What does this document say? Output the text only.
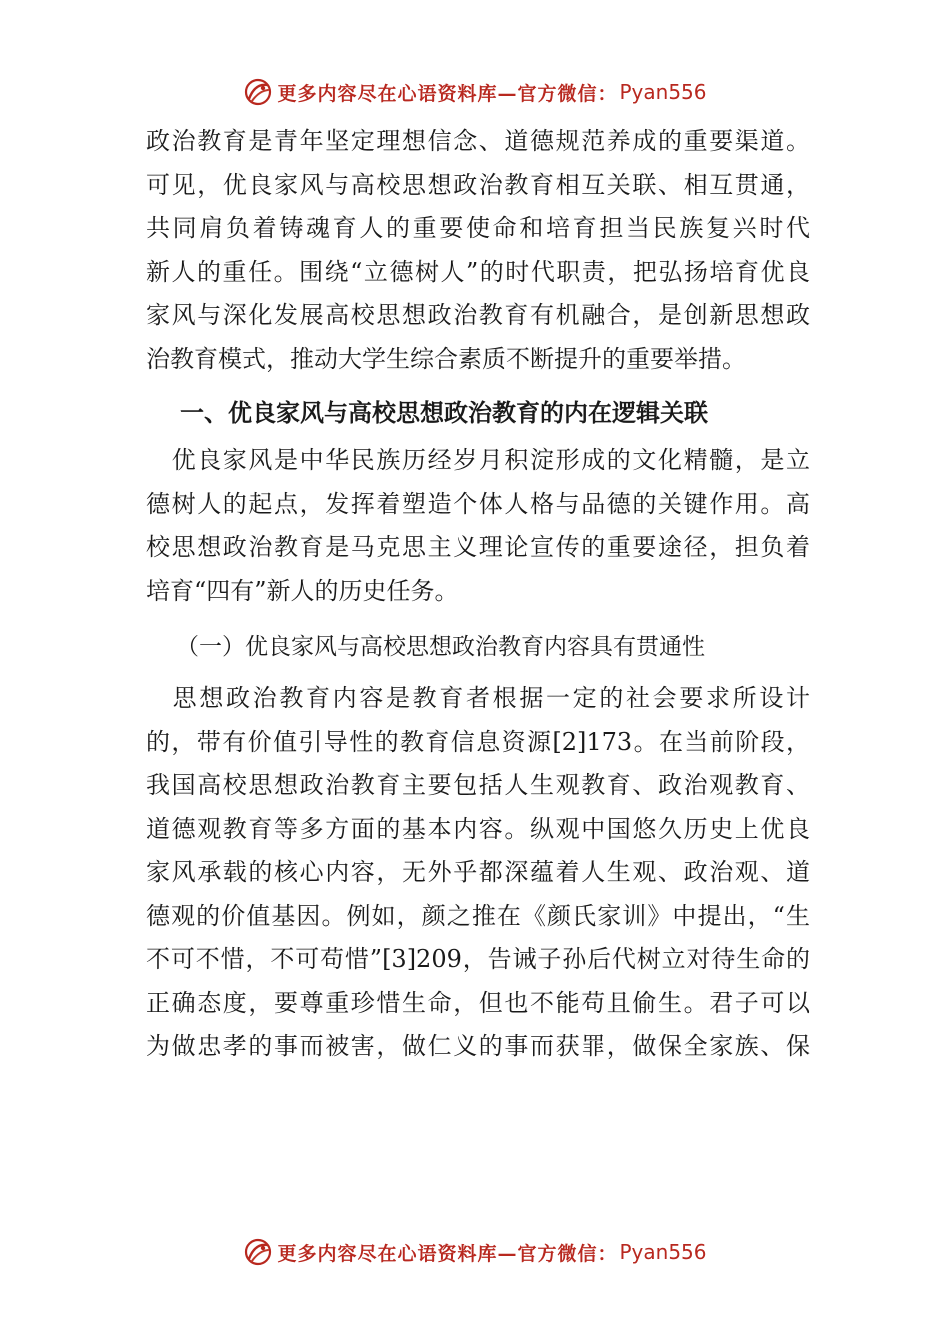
更多内容尽在心语资料库—官方微信： Pyan556
政治教育是青年坚定理想信念、道德规范养成的重要渠道。
可见，优良家风与高校思想政治教育相互关联、相互贯通，
共同肩负着铸魂育人的重要使命和培育担当民族复兴时代
新人的重任。围绕“立德树人”的时代职责，把弘扬培育优良
家风与深化发展高校思想政治教育有机融合，是创新思想政
治教育模式，推动大学生综合素质不断提升的重要举措。
一、优良家风与高校思想政治教育的内在逻辑关联
　优良家风是中华民族历经岁月积淀形成的文化精髓，是立
德树人的起点，发挥着塑造个体人格与品德的关键作用。高
校思想政治教育是马克思主义理论宣传的重要途径，担负着
培育“四有”新人的历史任务。
（一）优良家风与高校思想政治教育内容具有贯通性
　思想政治教育内容是教育者根据一定的社会要求所设计
的，带有价值引导性的教育信息资源[2]173。在当前阶段，
我国高校思想政治教育主要包括人生观教育、政治观教育、
道德观教育等多方面的基本内容。纵观中国悠久历史上优良
家风承载的核心内容，无外乎都深蕴着人生观、政治观、道
德观的价值基因。例如，颜之推在《颜氏家训》中提出，“生
不可不惜，不可苟惜”[3]209，告诫子孙后代树立对待生命的
正确态度，要尊重珍惜生命，但也不能苟且偷生。君子可以
为做忠孝的事而被害，做仁义的事而获罪，做保全家族、保
更多内容尽在心语资料库—官方微信： Pyan556
